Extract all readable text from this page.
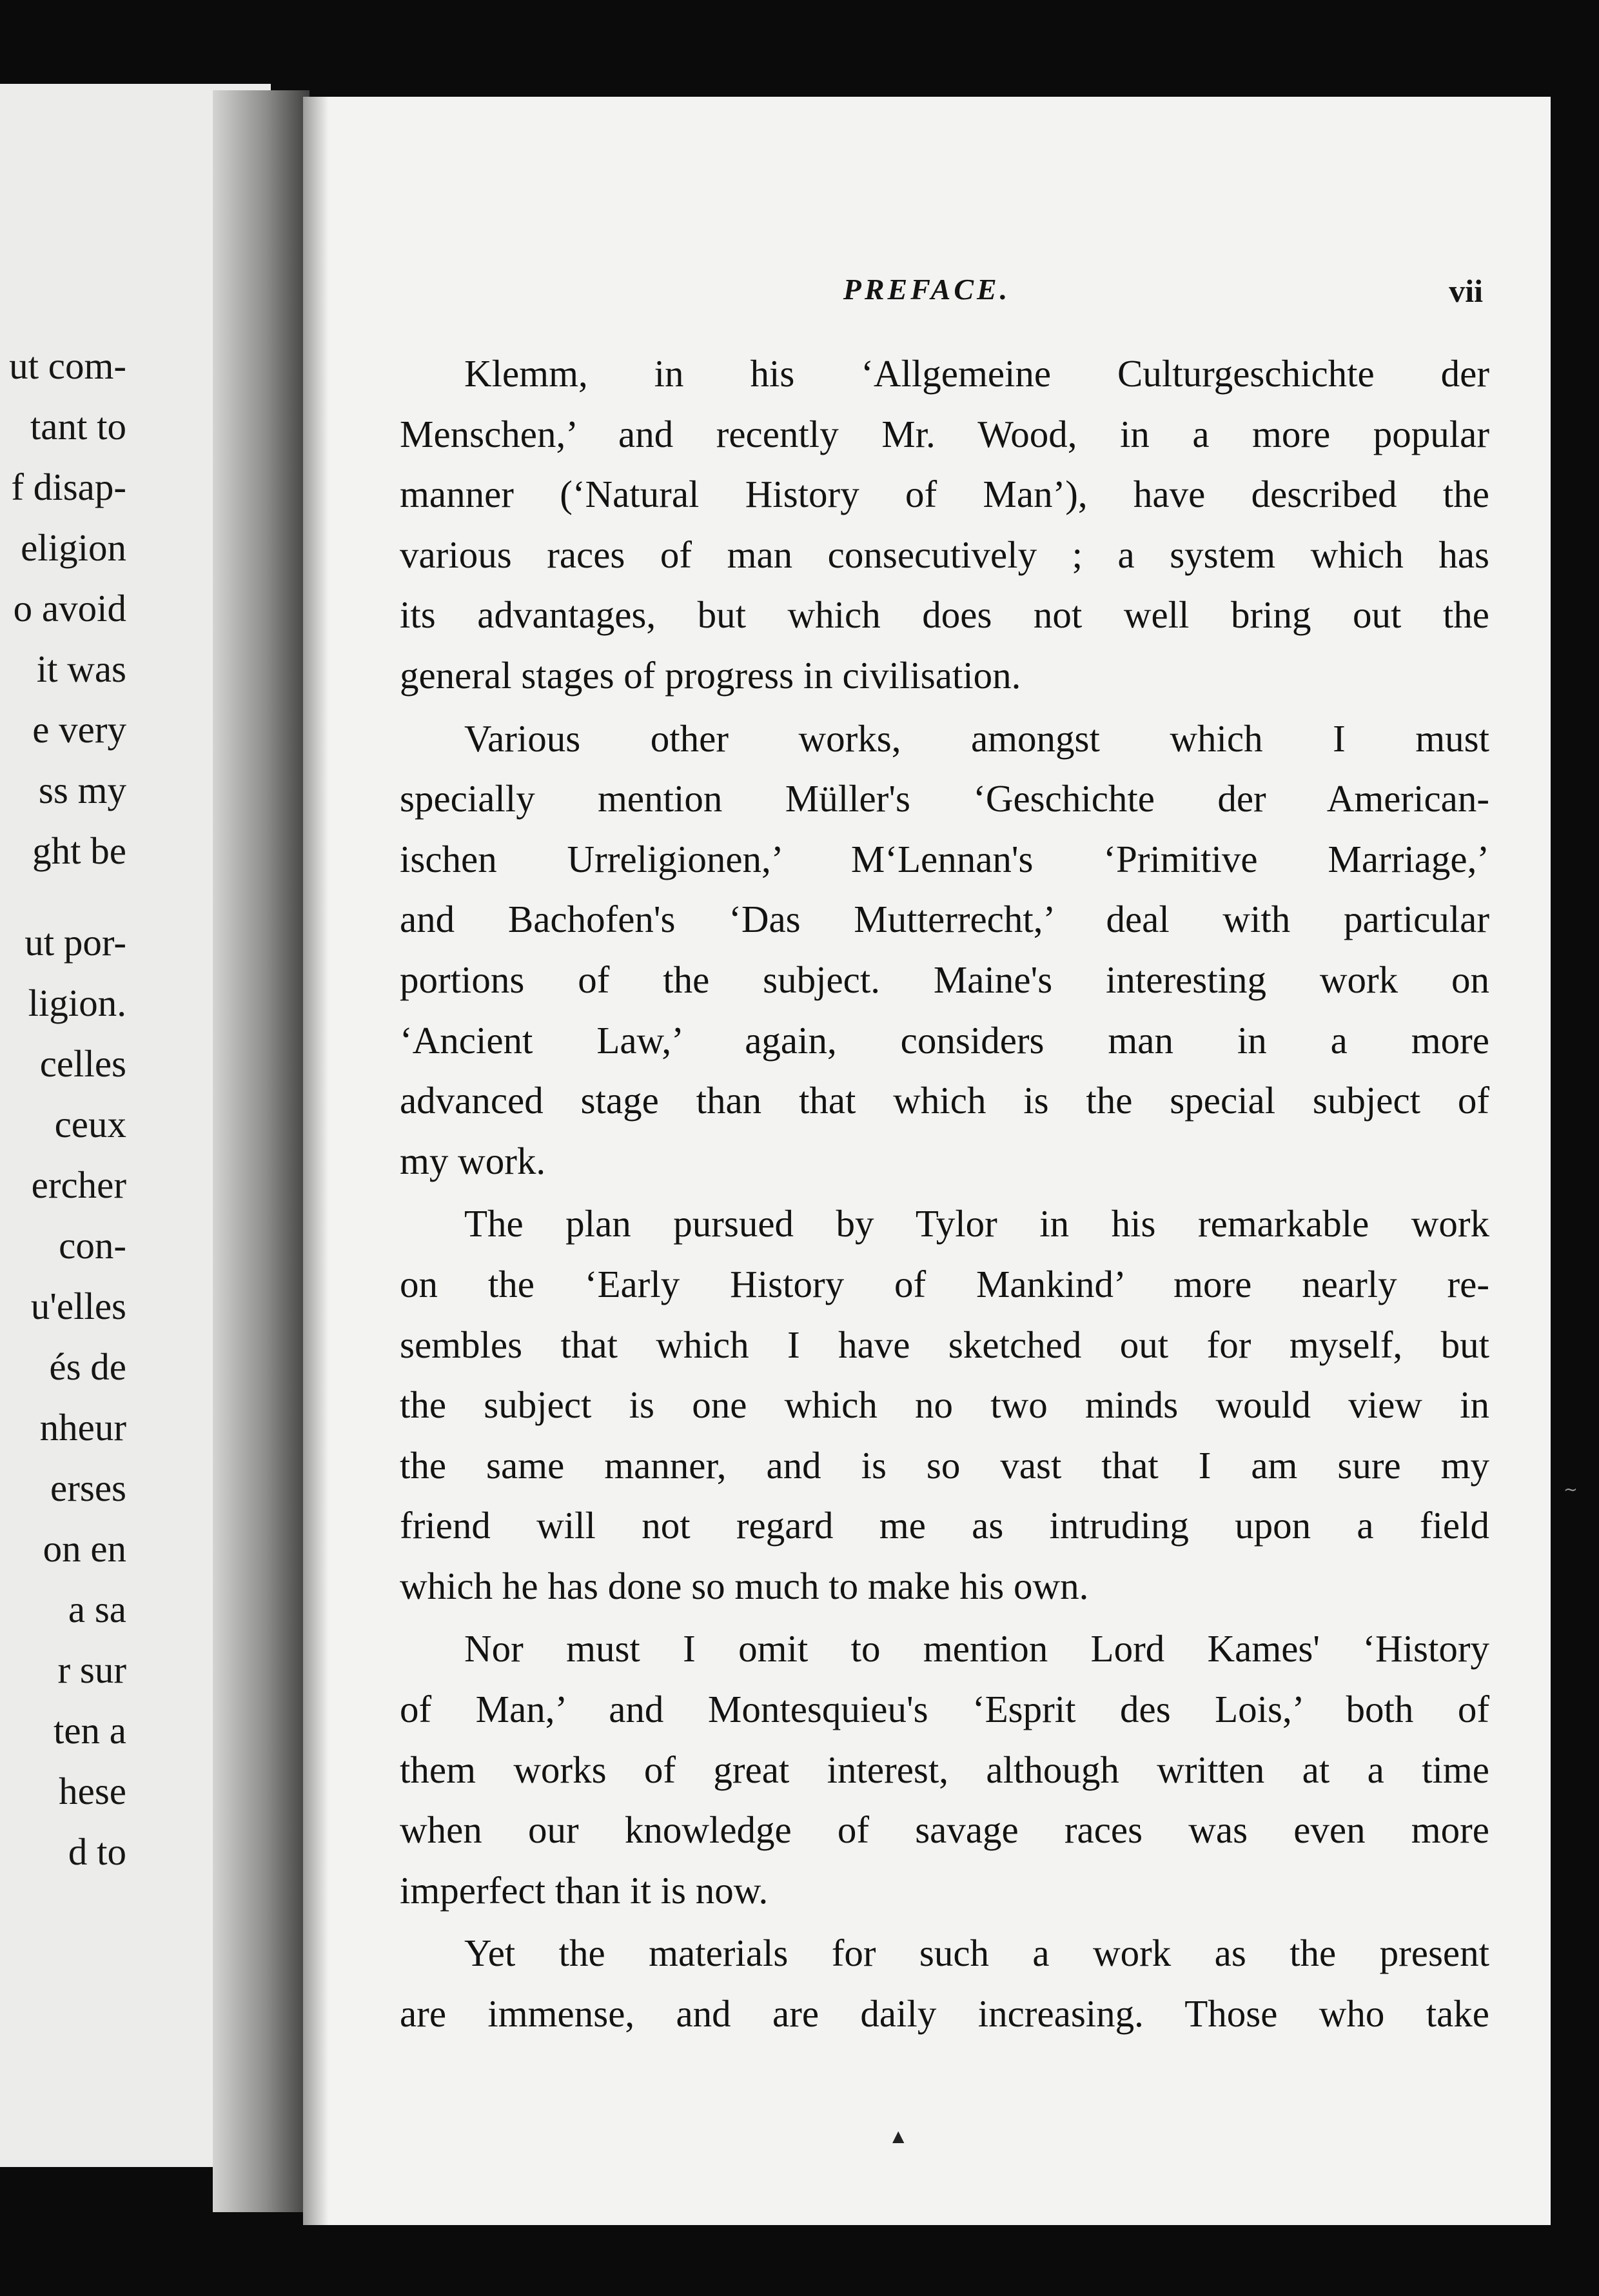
ut com-
tant to
f disap-
eligion
o avoid
it was
e very
ss my
ght be
ut por-
ligion.
celles
ceux
ercher
con-
u'elles
és de
nheur
erses
on en
a sa
r sur
ten a
hese
d to
PREFACE.	vii
Klemm, in his ‘Allgemeine Culturgeschichte der
Menschen,’ and recently Mr. Wood, in a more popular
manner (‘Natural History of Man’), have described the
various races of man consecutively ; a system which has
its advantages, but which does not well bring out the
general stages of progress in civilisation.
Various other works, amongst which I must
specially mention Müller's ‘Geschichte der American-
ischen Urreligionen,’ M‘Lennan's ‘Primitive Marriage,’
and Bachofen's ‘Das Mutterrecht,’ deal with particular
portions of the subject. Maine's interesting work on
‘Ancient Law,’ again, considers man in a more
advanced stage than that which is the special subject of
my work.
The plan pursued by Tylor in his remarkable work
on the ‘Early History of Mankind’ more nearly re-
sembles that which I have sketched out for myself, but
the subject is one which no two minds would view in
the same manner, and is so vast that I am sure my
friend will not regard me as intruding upon a field
which he has done so much to make his own.
Nor must I omit to mention Lord Kames' ‘History
of Man,’ and Montesquieu's ‘Esprit des Lois,’ both of
them works of great interest, although written at a time
when our knowledge of savage races was even more
imperfect than it is now.
Yet the materials for such a work as the present
are immense, and are daily increasing. Those who take
▲
~
